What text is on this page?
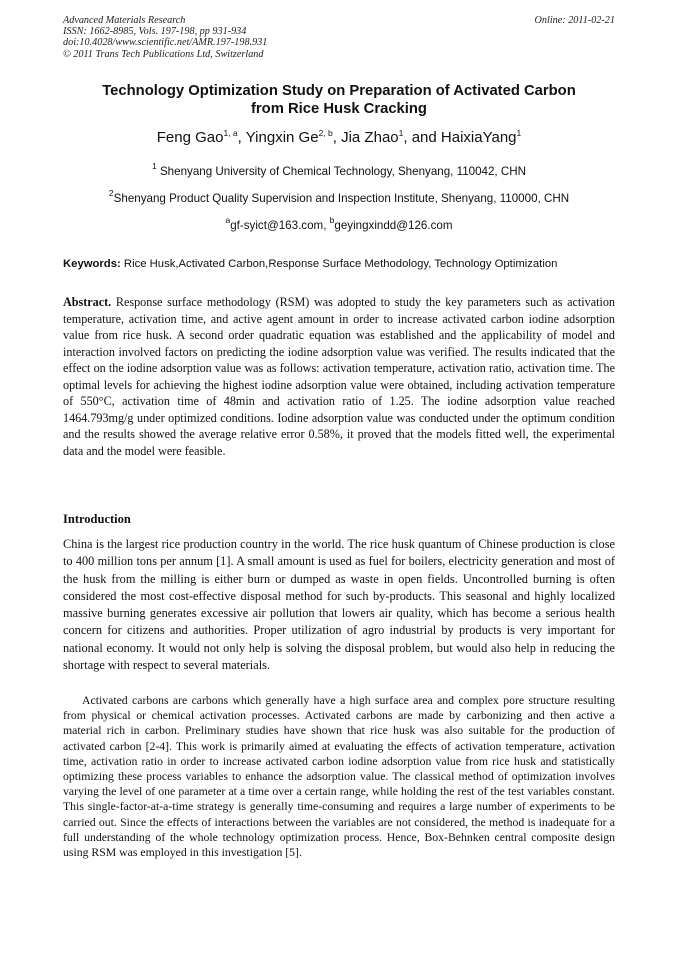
Advanced Materials Research
ISSN: 1662-8985, Vols. 197-198, pp 931-934
doi:10.4028/www.scientific.net/AMR.197-198.931
© 2011 Trans Tech Publications Ltd, Switzerland
Online: 2011-02-21
Technology Optimization Study on Preparation of Activated Carbon
from Rice Husk Cracking
Feng Gao$^{1, a}$, Yingxin Ge$^{2, b}$, Jia Zhao$^1$, and HaixiaYang$^1$
$^1$ Shenyang University of Chemical Technology, Shenyang, 110042, CHN
$^2$Shenyang Product Quality Supervision and Inspection Institute, Shenyang, 110000, CHN
$^a$gf-syict@163.com, $^b$geyingxindd@126.com
Keywords: Rice Husk,Activated Carbon,Response Surface Methodology, Technology Optimization
Abstract. Response surface methodology (RSM) was adopted to study the key parameters such as activation temperature, activation time, and active agent amount in order to increase activated carbon iodine adsorption value from rice husk. A second order quadratic equation was established and the applicability of model and interaction involved factors on predicting the iodine adsorption value was verified. The results indicated that the effect on the iodine adsorption value was as follows: activation temperature, activation ratio, activation time. The optimal levels for achieving the highest iodine adsorption value were obtained, including activation temperature of 550°C, activation time of 48min and activation ratio of 1.25. The iodine adsorption value reached 1464.793mg/g under optimized conditions. Iodine adsorption value was conducted under the optimum condition and the results showed the average relative error 0.58%, it proved that the models fitted well, the experimental data and the model were feasible.
Introduction
China is the largest rice production country in the world. The rice husk quantum of Chinese production is close to 400 million tons per annum [1]. A small amount is used as fuel for boilers, electricity generation and most of the husk from the milling is either burn or dumped as waste in open fields. Uncontrolled burning is often considered the most cost-effective disposal method for such by-products. This seasonal and highly localized massive burning generates excessive air pollution that lowers air quality, which has become a serious health concern for citizens and authorities. Proper utilization of agro industrial by products is very important for national economy. It would not only help is solving the disposal problem, but would also help in reducing the shortage with respect to several materials.
Activated carbons are carbons which generally have a high surface area and complex pore structure resulting from physical or chemical activation processes. Activated carbons are made by carbonizing and then active a material rich in carbon. Preliminary studies have shown that rice husk was also suitable for the production of activated carbon [2-4]. This work is primarily aimed at evaluating the effects of activation temperature, activation time, activation ratio in order to increase activated carbon iodine adsorption value from rice husk and statistically optimizing these process variables to enhance the adsorption value. The classical method of optimization involves varying the level of one parameter at a time over a certain range, while holding the rest of the test variables constant. This single-factor-at-a-time strategy is generally time-consuming and requires a large number of experiments to be carried out. Since the effects of interactions between the variables are not considered, the method is inadequate for a full understanding of the whole technology optimization process. Hence, Box-Behnken central composite design using RSM was employed in this investigation [5].
